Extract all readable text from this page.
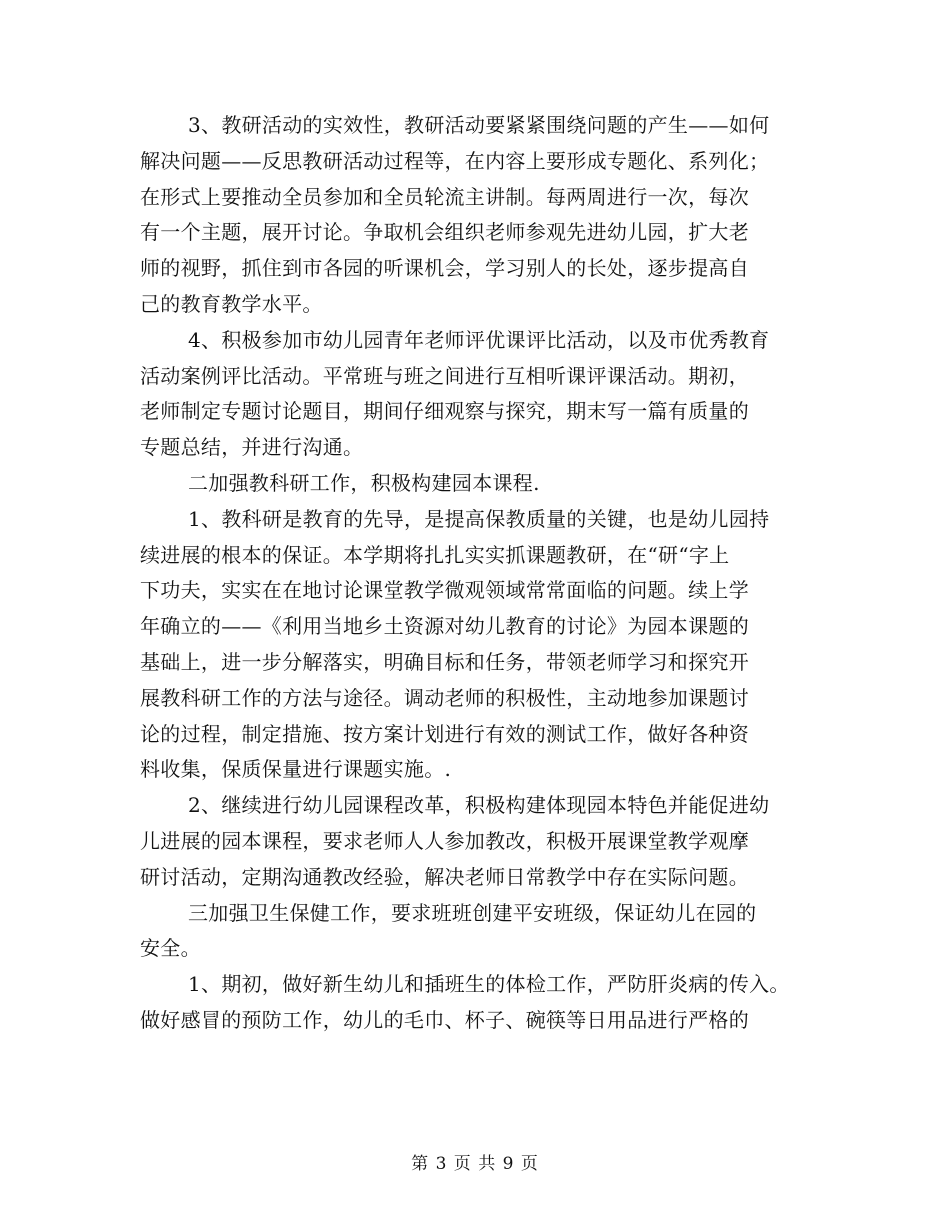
3、教研活动的实效性，教研活动要紧紧围绕问题的产生——如何
解决问题——反思教研活动过程等，在内容上要形成专题化、系列化；
在形式上要推动全员参加和全员轮流主讲制。每两周进行一次，每次
有一个主题，展开讨论。争取机会组织老师参观先进幼儿园，扩大老
师的视野，抓住到市各园的听课机会，学习别人的长处，逐步提高自
己的教育教学水平。
4、积极参加市幼儿园青年老师评优课评比活动，以及市优秀教育
活动案例评比活动。平常班与班之间进行互相听课评课活动。期初，
老师制定专题讨论题目，期间仔细观察与探究，期末写一篇有质量的
专题总结，并进行沟通。
二加强教科研工作，积极构建园本课程.
1、教科研是教育的先导，是提高保教质量的关键，也是幼儿园持
续进展的根本的保证。本学期将扎扎实实抓课题教研，在“研“字上
下功夫，实实在在地讨论课堂教学微观领域常常面临的问题。续上学
年确立的——《利用当地乡土资源对幼儿教育的讨论》为园本课题的
基础上，进一步分解落实，明确目标和任务，带领老师学习和探究开
展教科研工作的方法与途径。调动老师的积极性，主动地参加课题讨
论的过程，制定措施、按方案计划进行有效的测试工作，做好各种资
料收集，保质保量进行课题实施。.
2、继续进行幼儿园课程改革，积极构建体现园本特色并能促进幼
儿进展的园本课程，要求老师人人参加教改，积极开展课堂教学观摩
研讨活动，定期沟通教改经验，解决老师日常教学中存在实际问题。
三加强卫生保健工作，要求班班创建平安班级，保证幼儿在园的
安全。
1、期初，做好新生幼儿和插班生的体检工作，严防肝炎病的传入。
做好感冒的预防工作，幼儿的毛巾、杯子、碗筷等日用品进行严格的
第 3 页 共 9 页
